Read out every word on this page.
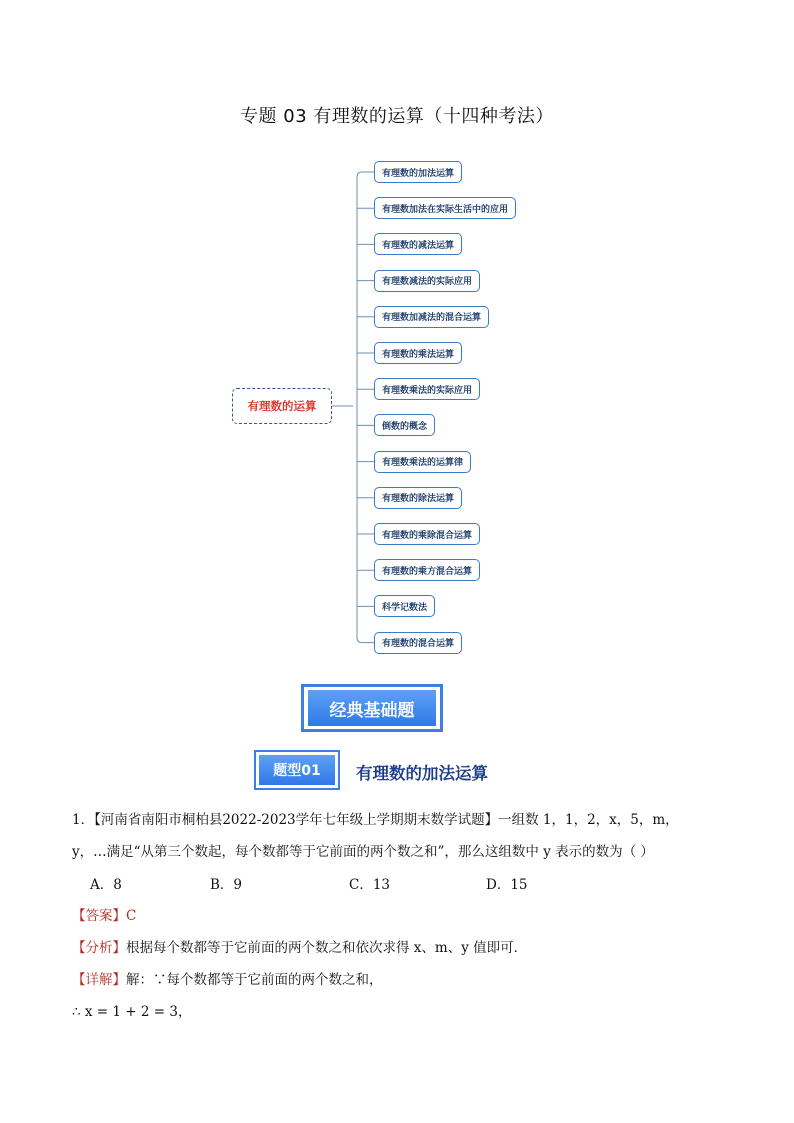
专题 03 有理数的运算（十四种考法）
有理数的运算
有理数的加法运算
有理数加法在实际生活中的应用
有理数的减法运算
有理数减法的实际应用
有理数加减法的混合运算
有理数的乘法运算
有理数乘法的实际应用
倒数的概念
有理数乘法的运算律
有理数的除法运算
有理数的乘除混合运算
有理数的乘方混合运算
科学记数法
有理数的混合运算
经典基础题
题型01	有理数的加法运算
1．【河南省南阳市桐柏县2022-2023学年七年级上学期期末数学试题】一组数 1，1，2，x，5，m，
y，…满足“从第三个数起，每个数都等于它前面的两个数之和”，那么这组数中 y 表示的数为（ ）
A．8	B．9	C．13	D．15
【答案】C
【分析】根据每个数都等于它前面的两个数之和依次求得 x、m、y 值即可．
【详解】解：∵每个数都等于它前面的两个数之和，
∴ x = 1 + 2 = 3，
